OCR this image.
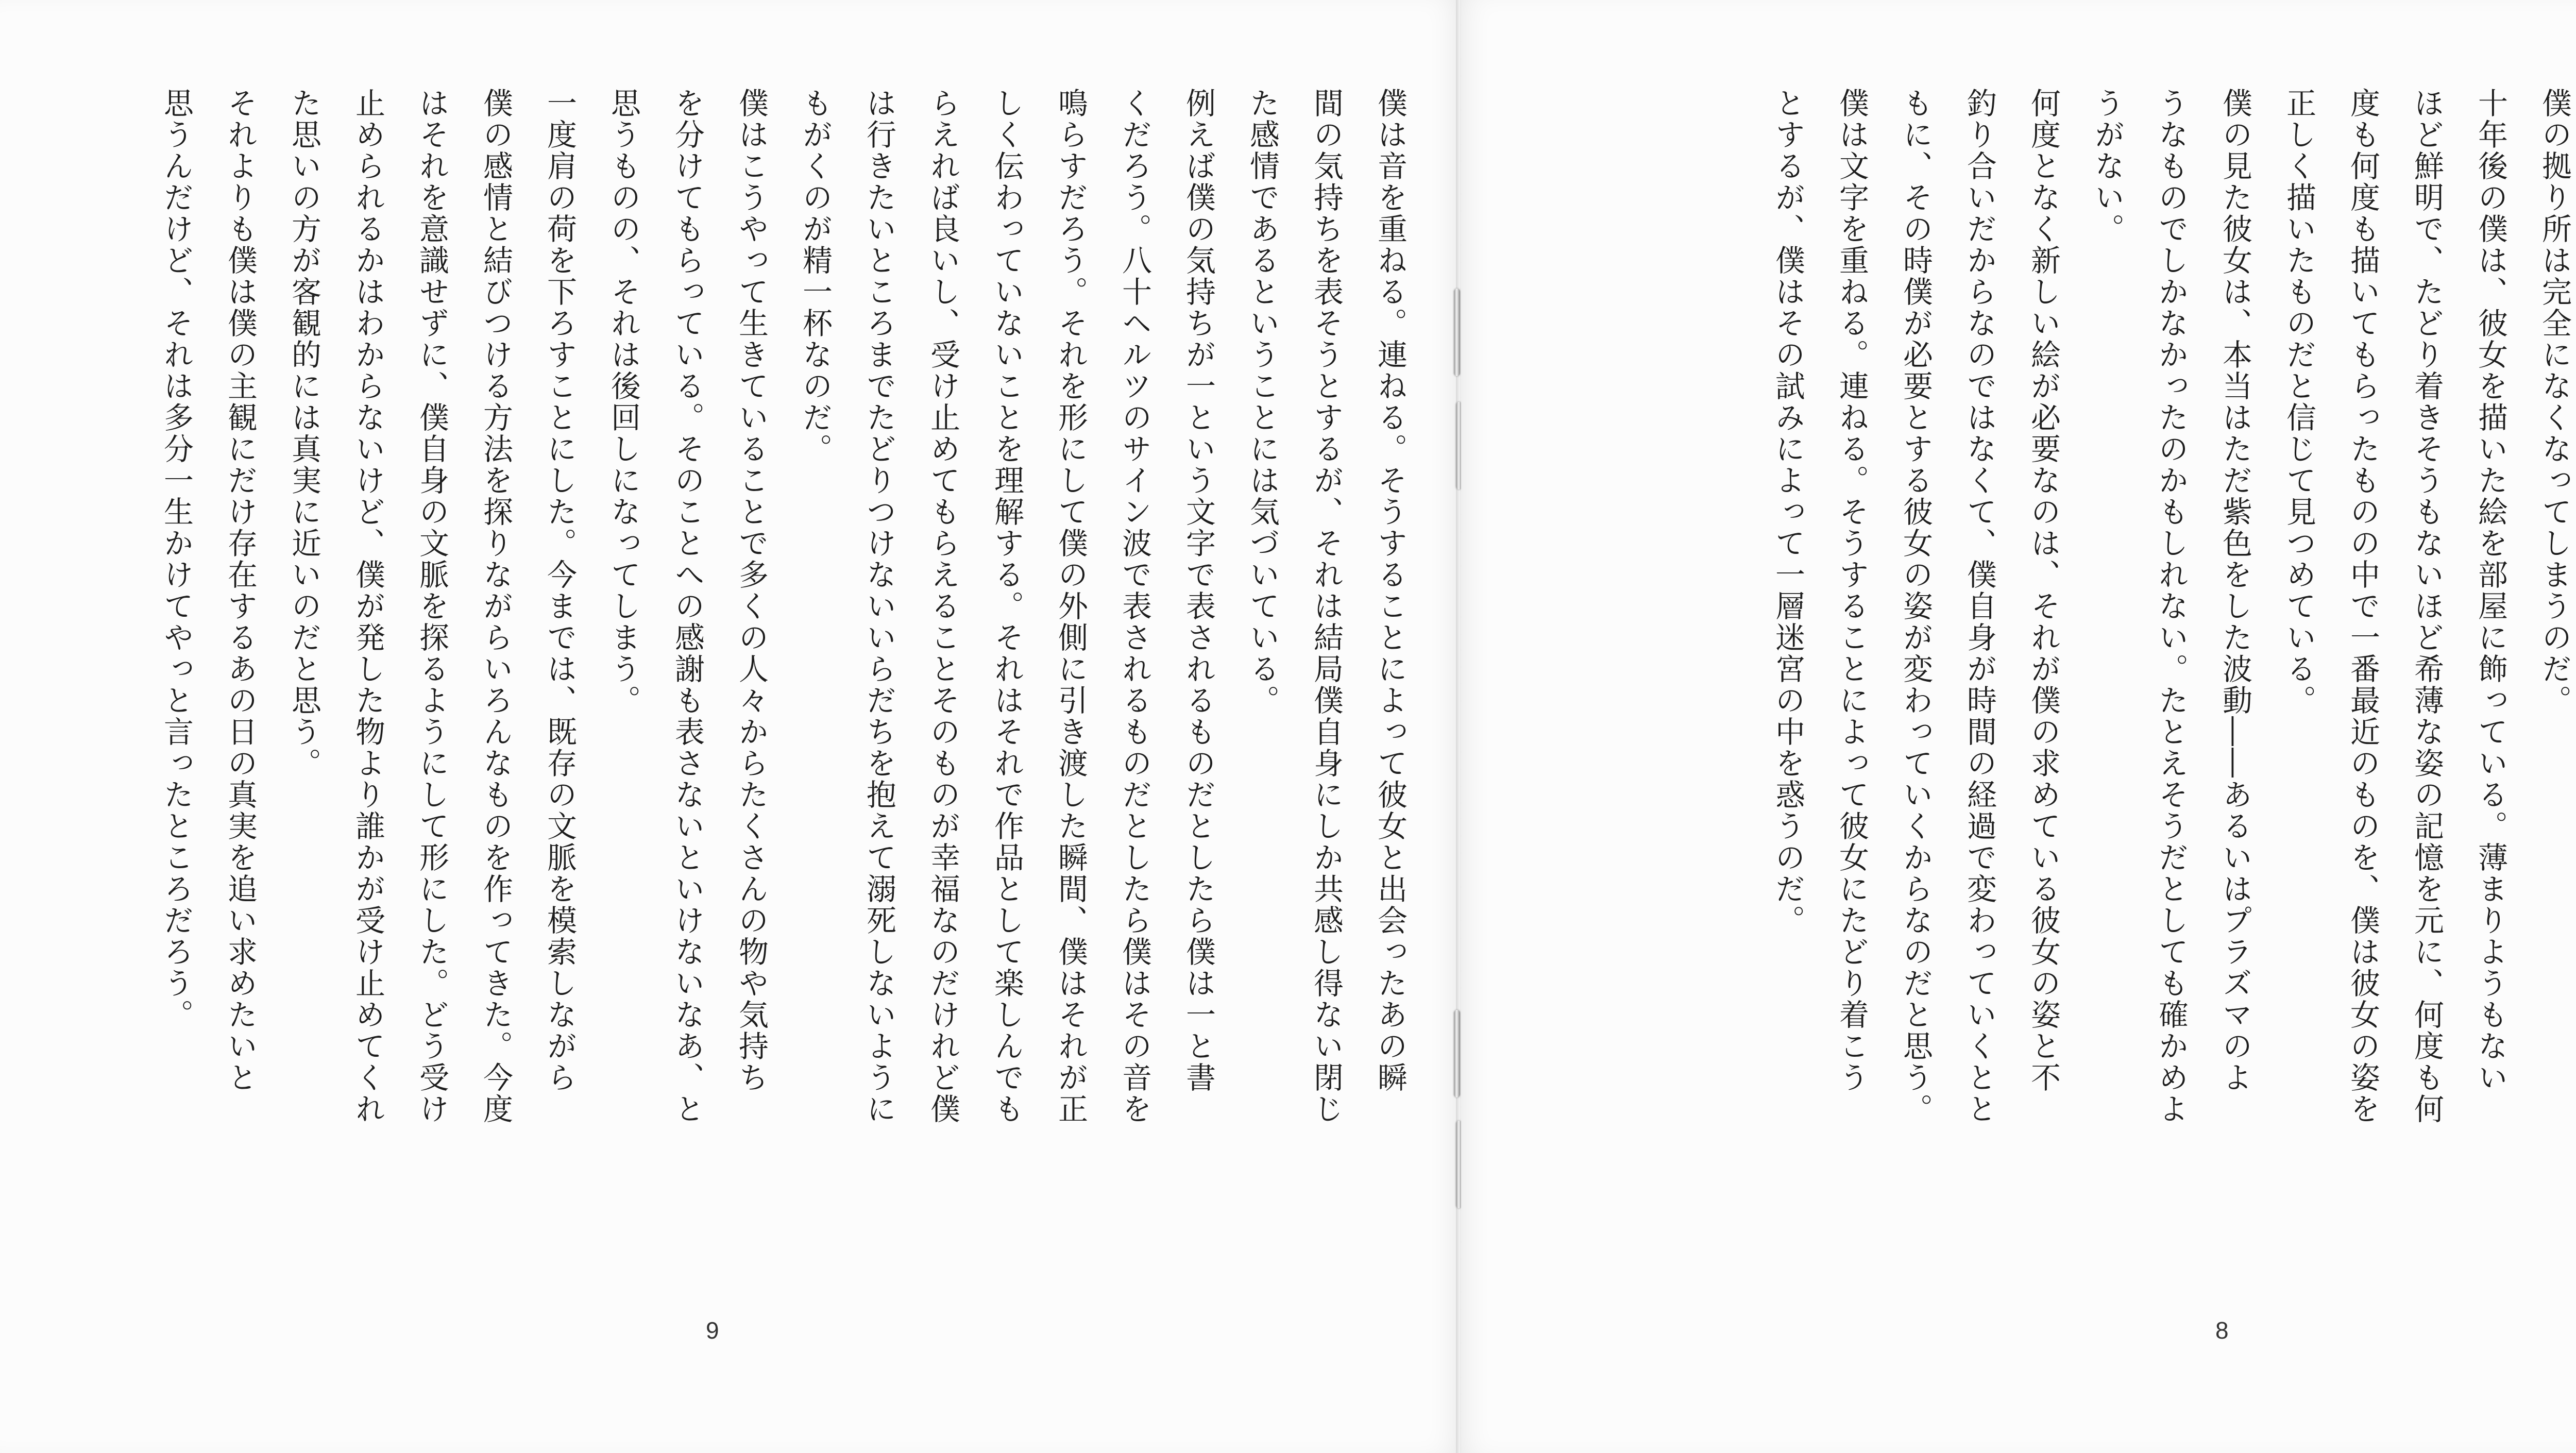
僕は音を重ねる。連ねる。そうすることによって彼女と出会ったあの瞬

間の気持ちを表そうとするが、それは結局僕自身にしか共感し得ない閉じ

た感情であるということには気づいている。

例えば僕の気持ちが一という文字で表されるものだとしたら僕は一と書

くだろう。八十ヘルツのサイン波で表されるものだとしたら僕はその音を

鳴らすだろう。それを形にして僕の外側に引き渡した瞬間、僕はそれが正

しく伝わっていないことを理解する。それはそれで作品として楽しんでも

らえれば良いし、受け止めてもらえることそのものが幸福なのだけれど僕

は行きたいところまでたどりつけないいらだちを抱えて溺死しないように

もがくのが精一杯なのだ。

僕はこうやって生きていることで多くの人々からたくさんの物や気持ち

を分けてもらっている。そのことへの感謝も表さないといけないなあ、と

思うものの、それは後回しになってしまう。

一度肩の荷を下ろすことにした。今までは、既存の文脈を模索しながら

僕の感情と結びつける方法を探りながらいろんなものを作ってきた。今度

はそれを意識せずに、僕自身の文脈を探るようにして形にした。どう受け

止められるかはわからないけど、僕が発した物より誰かが受け止めてくれ

た思いの方が客観的には真実に近いのだと思う。

それよりも僕は僕の主観にだけ存在するあの日の真実を追い求めたいと

思うんだけど、それは多分一生かけてやっと言ったところだろう。

9	8

僕の拠り所は完全になくなってしまうのだ。

十年後の僕は、彼女を描いた絵を部屋に飾っている。薄まりようもない

ほど鮮明で、たどり着きそうもないほど希薄な姿の記憶を元に、何度も何

度も何度も描いてもらったものの中で一番最近のものを、僕は彼女の姿を

正しく描いたものだと信じて見つめている。

僕の見た彼女は、本当はただ紫色をした波動――あるいはプラズマのよ

うなものでしかなかったのかもしれない。たとえそうだとしても確かめよ

うがない。

何度となく新しい絵が必要なのは、それが僕の求めている彼女の姿と不

釣り合いだからなのではなくて、僕自身が時間の経過で変わっていくとと

もに、その時僕が必要とする彼女の姿が変わっていくからなのだと思う。

僕は文字を重ねる。連ねる。そうすることによって彼女にたどり着こう

とするが、僕はその試みによって一層迷宮の中を惑うのだ。
